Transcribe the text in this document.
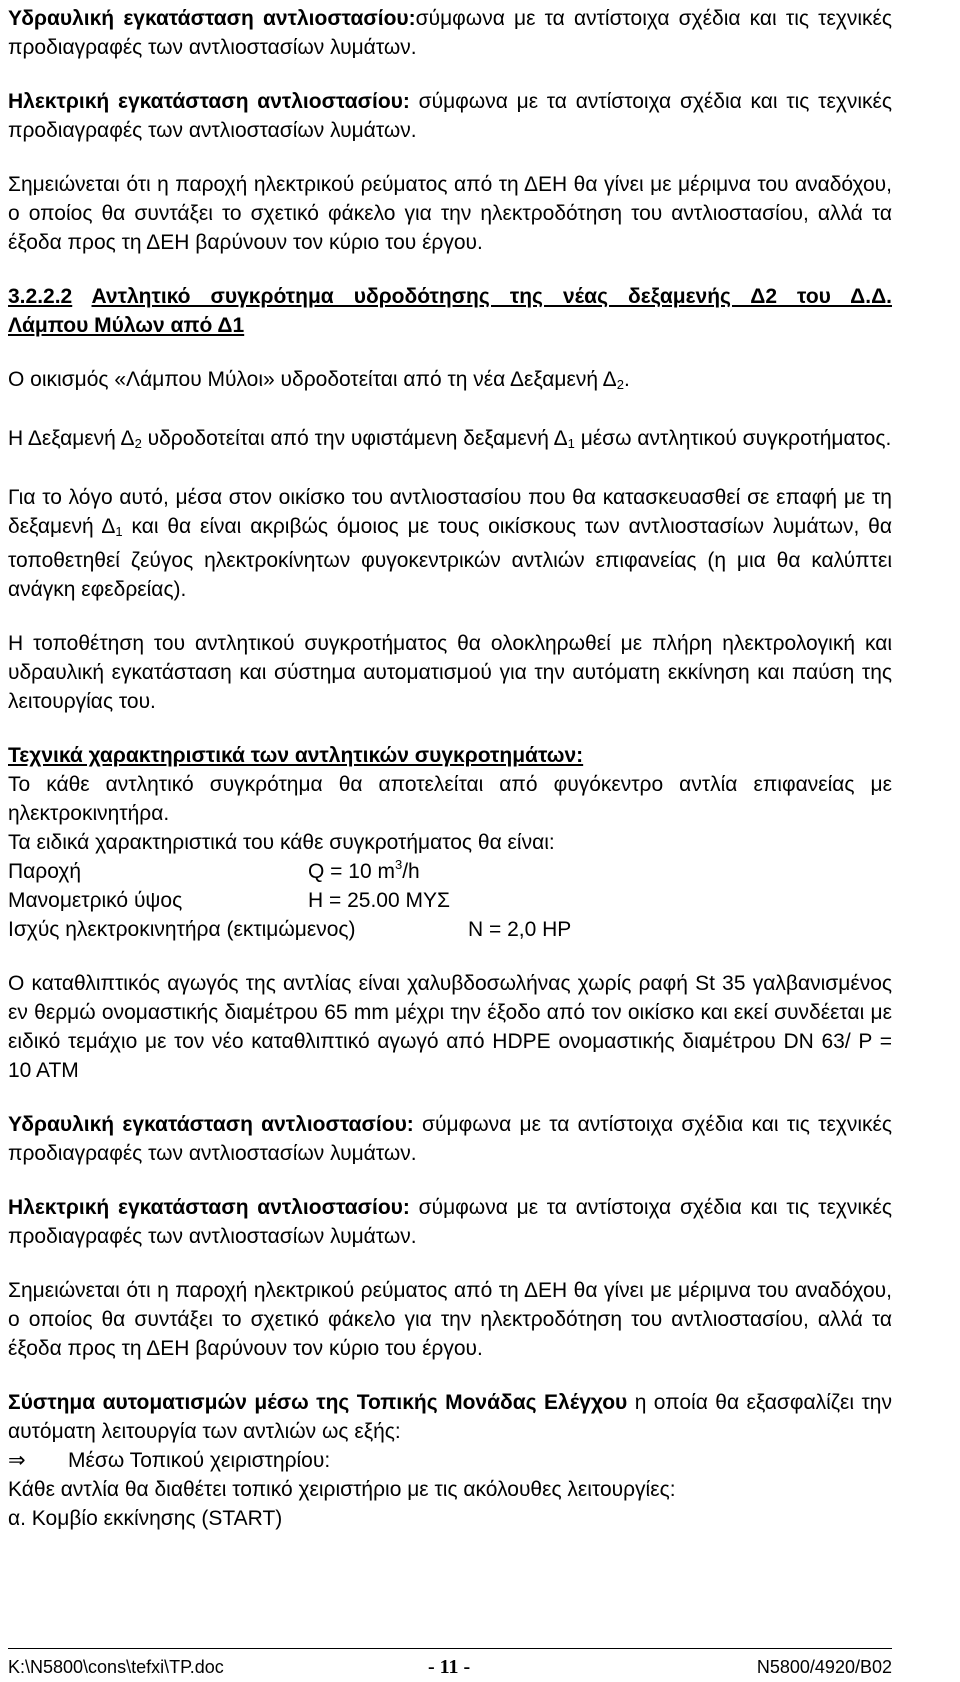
Υδραυλική εγκατάσταση αντλιοστασίου:σύμφωνα με τα αντίστοιχα σχέδια και τις τεχνικές προδιαγραφές των αντλιοστασίων λυμάτων.

Ηλεκτρική εγκατάσταση αντλιοστασίου: σύμφωνα με τα αντίστοιχα σχέδια και τις τεχνικές προδιαγραφές των αντλιοστασίων λυμάτων.

Σημειώνεται ότι η παροχή ηλεκτρικού ρεύματος από τη ΔΕΗ θα γίνει με μέριμνα του αναδόχου, ο οποίος θα συντάξει το σχετικό φάκελο για την ηλεκτροδότηση του αντλιοστασίου, αλλά τα έξοδα προς τη ΔΕΗ βαρύνουν τον κύριο του έργου.

3.2.2.2 Αντλητικό συγκρότημα υδροδότησης της νέας δεξαμενής Δ2 του Δ.Δ.
Λάμπου Μύλων από Δ1

Ο οικισμός «Λάμπου Μύλοι» υδροδοτείται από τη νέα Δεξαμενή $\Delta_2$.

Η Δεξαμενή $\Delta_2$ υδροδοτείται από την υφιστάμενη δεξαμενή $\Delta_1$ μέσω αντλητικού συγκροτήματος.

Για το λόγο αυτό, μέσα στον οικίσκο του αντλιοστασίου που θα κατασκευασθεί σε επαφή με τη δεξαμενή $\Delta_1$ και θα είναι ακριβώς όμοιος με τους οικίσκους των αντλιοστασίων λυμάτων, θα τοποθετηθεί ζεύγος ηλεκτροκίνητων φυγοκεντρικών αντλιών επιφανείας (η μια θα καλύπτει ανάγκη εφεδρείας).

Η τοποθέτηση του αντλητικού συγκροτήματος θα ολοκληρωθεί με πλήρη ηλεκτρολογική και υδραυλική εγκατάσταση και σύστημα αυτοματισμού για την αυτόματη εκκίνηση και παύση της λειτουργίας του.

Τεχνικά χαρακτηριστικά των αντλητικών συγκροτημάτων:
Το κάθε αντλητικό συγκρότημα θα αποτελείται από φυγόκεντρο αντλία επιφανείας με ηλεκτροκινητήρα.
Τα ειδικά χαρακτηριστικά του κάθε συγκροτήματος θα είναι:
Παροχή	Q = 10 $m^3/h$
Μανομετρικό ύψος	H = 25.00 ΜΥΣ
Ισχύς ηλεκτροκινητήρα (εκτιμώμενος)	N = 2,0 HP

Ο καταθλιπτικός αγωγός της αντλίας είναι χαλυβδοσωλήνας χωρίς ραφή St 35 γαλβανισμένος εν θερμώ ονομαστικής διαμέτρου 65 mm μέχρι την έξοδο από τον οικίσκο και εκεί συνδέεται με ειδικό τεμάχιο με τον νέο καταθλιπτικό αγωγό από HDPE ονομαστικής διαμέτρου DN 63/ P = 10 ATM

Υδραυλική εγκατάσταση αντλιοστασίου: σύμφωνα με τα αντίστοιχα σχέδια και τις τεχνικές προδιαγραφές των αντλιοστασίων λυμάτων.

Ηλεκτρική εγκατάσταση αντλιοστασίου: σύμφωνα με τα αντίστοιχα σχέδια και τις τεχνικές προδιαγραφές των αντλιοστασίων λυμάτων.

Σημειώνεται ότι η παροχή ηλεκτρικού ρεύματος από τη ΔΕΗ θα γίνει με μέριμνα του αναδόχου, ο οποίος θα συντάξει το σχετικό φάκελο για την ηλεκτροδότηση του αντλιοστασίου, αλλά τα έξοδα προς τη ΔΕΗ βαρύνουν τον κύριο του έργου.

Σύστημα αυτοματισμών μέσω της Τοπικής Μονάδας Ελέγχου η οποία θα εξασφαλίζει την αυτόματη λειτουργία των αντλιών ως εξής:

⇒	Μέσω Τοπικού χειριστηρίου:
Κάθε αντλία θα διαθέτει τοπικό χειριστήριο με τις ακόλουθες λειτουργίες:
α. Κομβίο εκκίνησης (START)
K:\N5800\cons\tefxi\TP.doc	- 11 -	N5800/4920/B02
